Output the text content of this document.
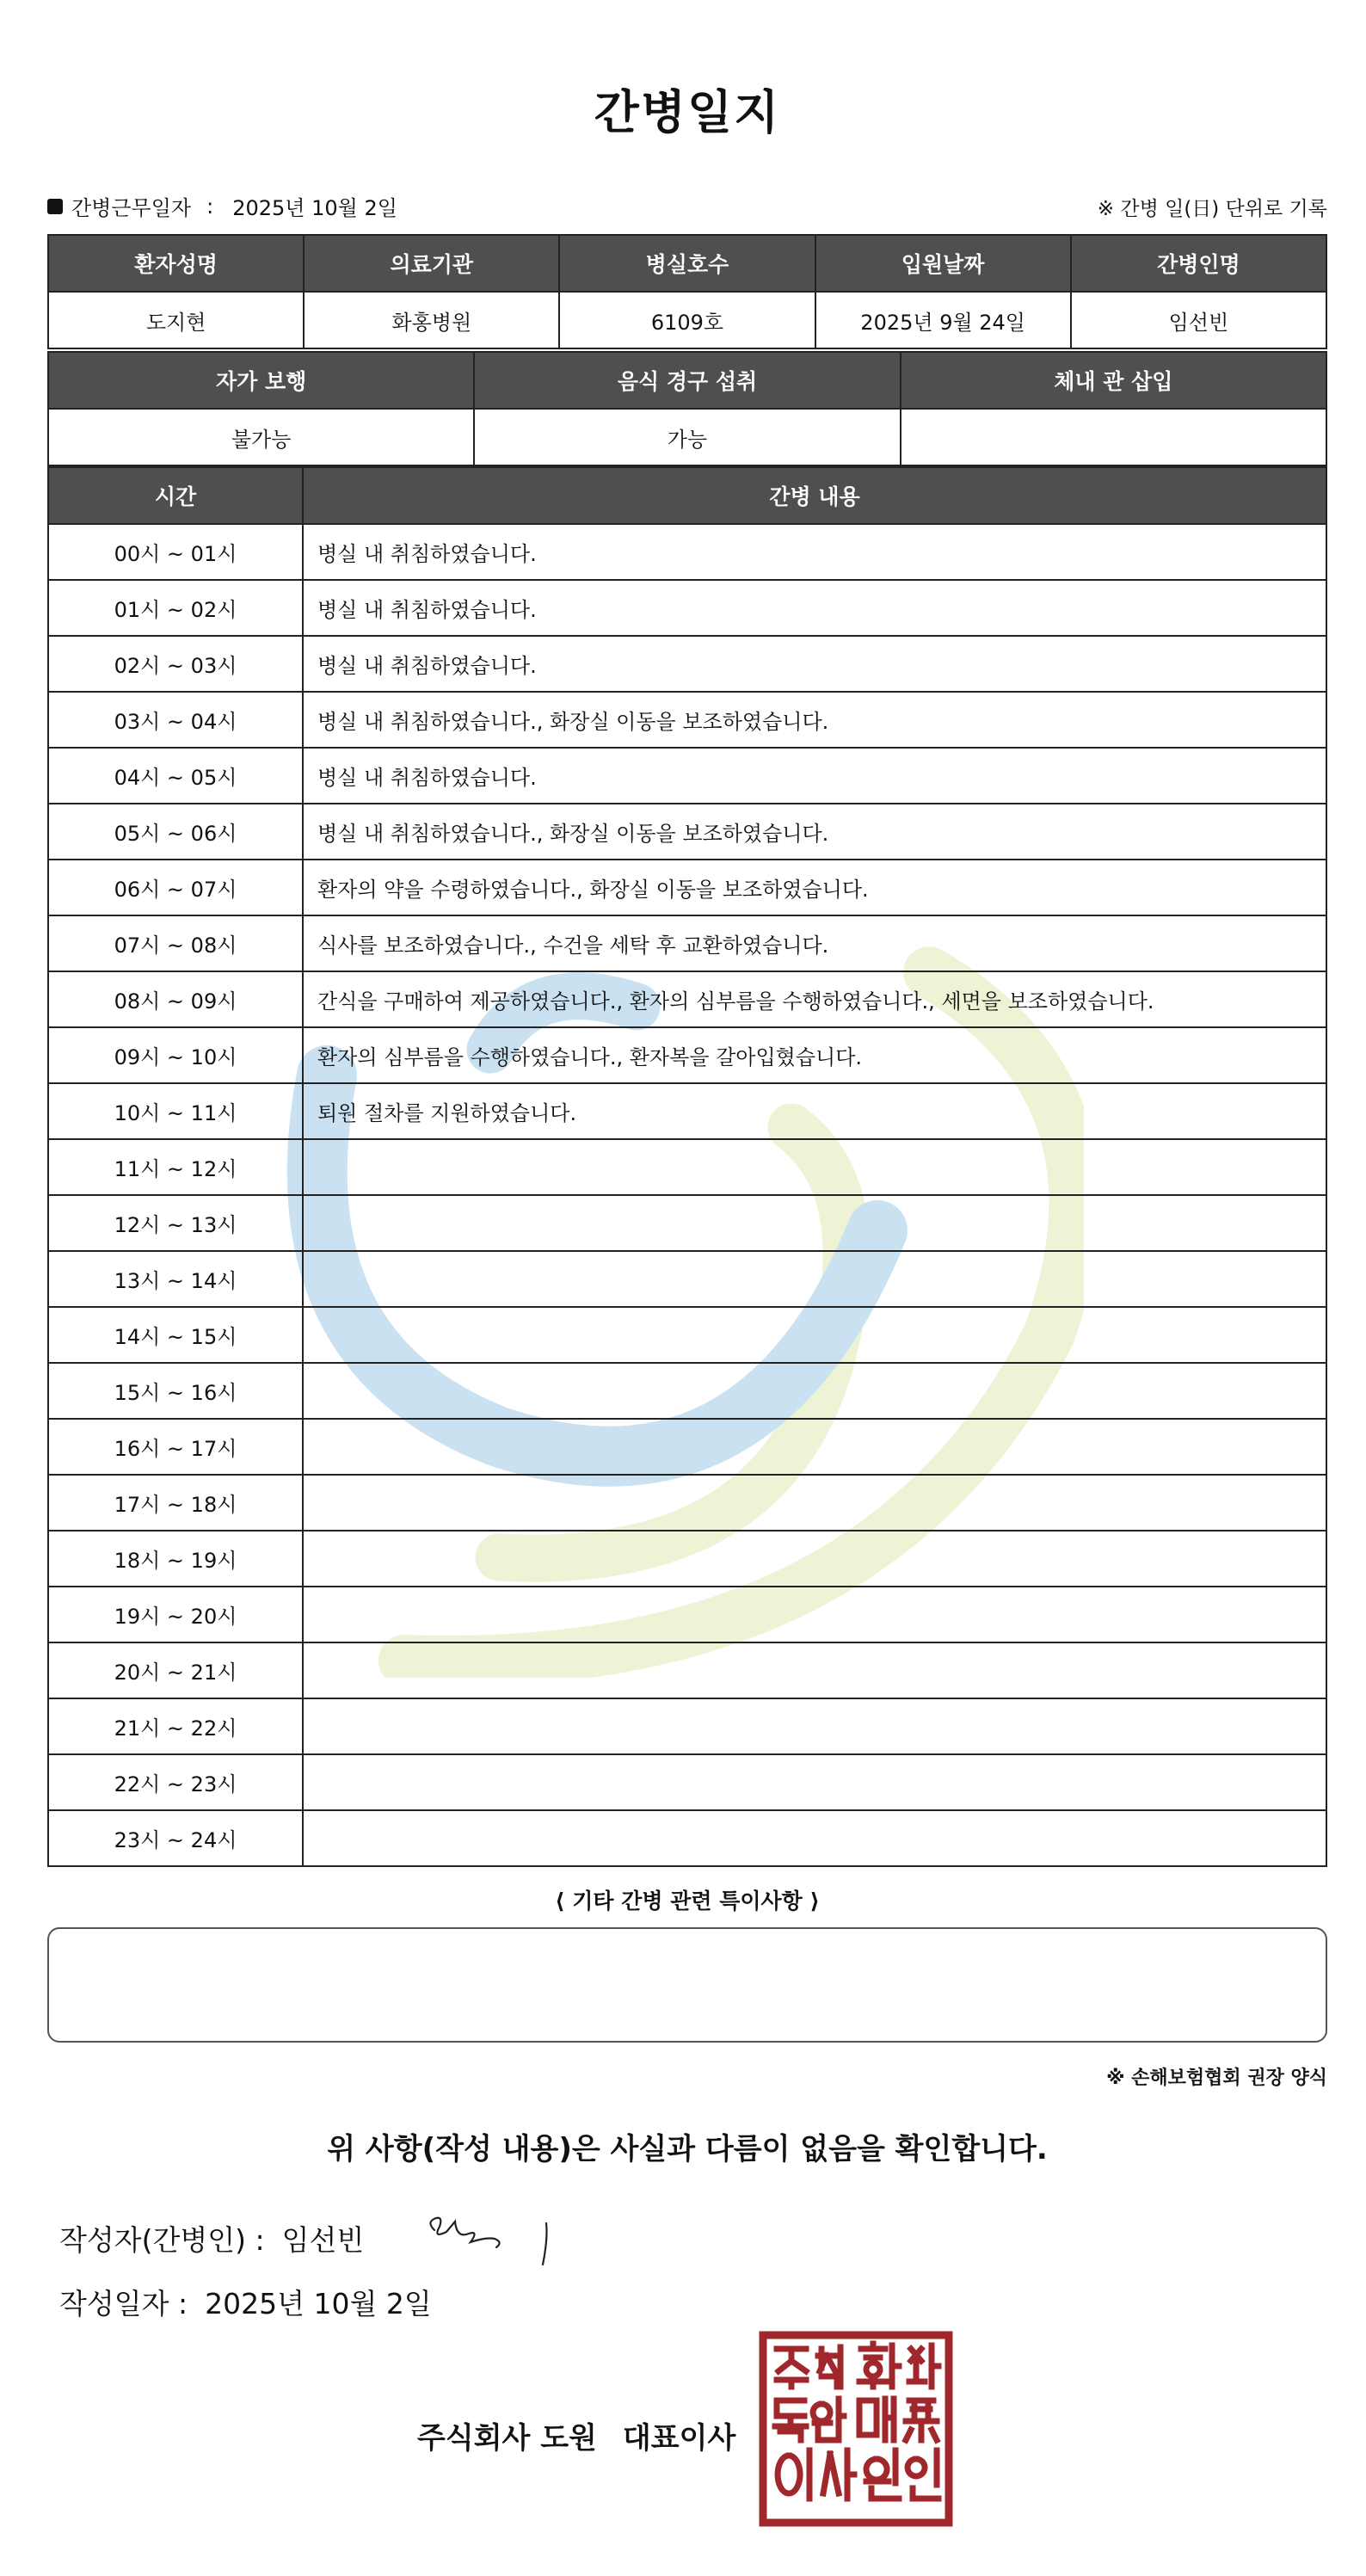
간병일지
간병근무일자 : 2025년 10월 2일	※ 간병 일(日) 단위로 기록
환자성명	의료기관	병실호수	입원날짜	간병인명
도지현	화홍병원	6109호	2025년 9월 24일	임선빈
자가 보행	음식 경구 섭취	체내 관 삽입
불가능	가능	
시간	간병 내용
00시 ~ 01시	병실 내 취침하였습니다.
01시 ~ 02시	병실 내 취침하였습니다.
02시 ~ 03시	병실 내 취침하였습니다.
03시 ~ 04시	병실 내 취침하였습니다., 화장실 이동을 보조하였습니다.
04시 ~ 05시	병실 내 취침하였습니다.
05시 ~ 06시	병실 내 취침하였습니다., 화장실 이동을 보조하였습니다.
06시 ~ 07시	환자의 약을 수령하였습니다., 화장실 이동을 보조하였습니다.
07시 ~ 08시	식사를 보조하였습니다., 수건을 세탁 후 교환하였습니다.
08시 ~ 09시	간식을 구매하여 제공하였습니다., 환자의 심부름을 수행하였습니다., 세면을 보조하였습니다.
09시 ~ 10시	환자의 심부름을 수행하였습니다., 환자복을 갈아입혔습니다.
10시 ~ 11시	퇴원 절차를 지원하였습니다.
11시 ~ 12시	
12시 ~ 13시	
13시 ~ 14시	
14시 ~ 15시	
15시 ~ 16시	
16시 ~ 17시	
17시 ~ 18시	
18시 ~ 19시	
19시 ~ 20시	
20시 ~ 21시	
21시 ~ 22시	
22시 ~ 23시	
23시 ~ 24시	
⟨ 기타 간병 관련 특이사항 ⟩
※ 손해보험협회 권장 양식
위 사항(작성 내용)은 사실과 다름이 없음을 확인합니다.
작성자(간병인) : 임선빈
작성일자 : 2025년 10월 2일
주식회사 도원 대표이사
